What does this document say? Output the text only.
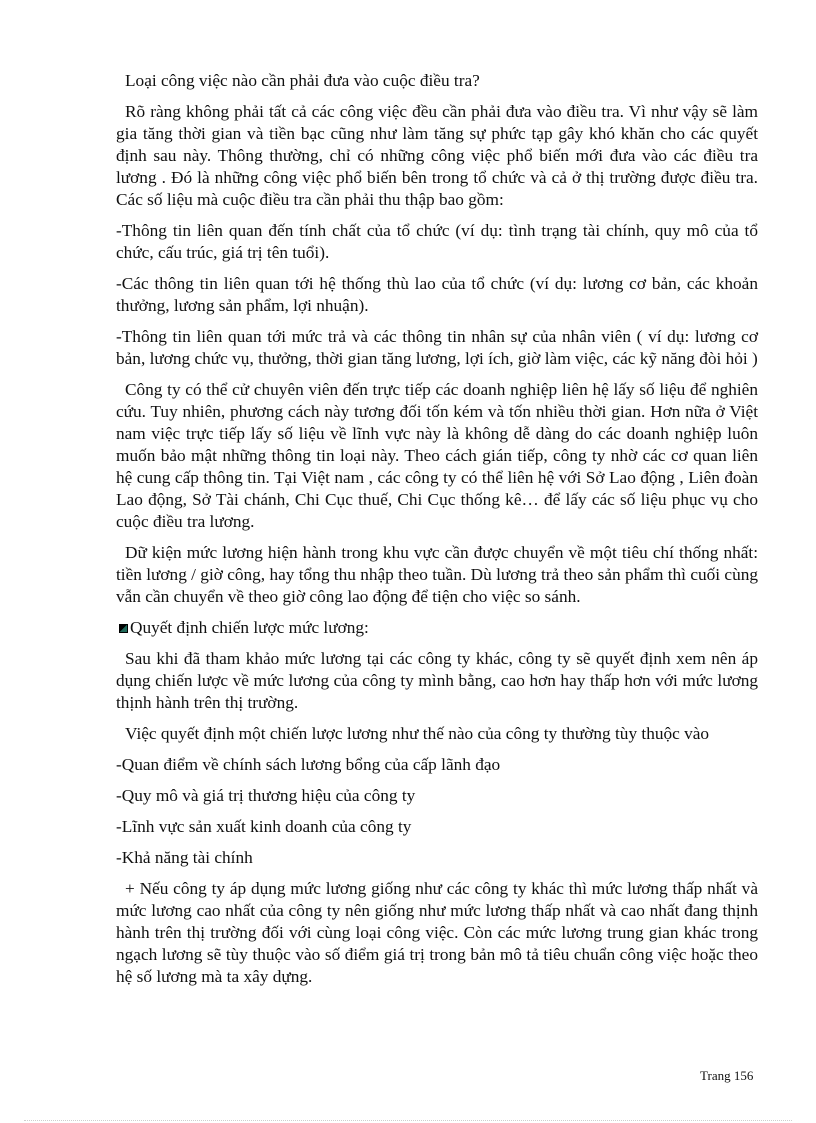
Loại công việc nào cần phải đưa vào cuộc điều tra?

Rõ ràng không phải tất cả các công việc đều cần phải đưa vào điều tra. Vì như vậy sẽ làm gia tăng thời gian và tiền bạc cũng như làm tăng sự phức tạp gây khó khăn cho các quyết định sau này. Thông thường, chỉ có những công việc phổ biến mới đưa vào các điều tra lương . Đó là những công việc phổ biến bên trong tổ chức và cả ở thị trường được điều tra. Các số liệu mà cuộc điều tra cần phải thu thập bao gồm:

-Thông tin liên quan đến tính chất của tổ chức (ví dụ: tình trạng tài chính, quy mô của tổ chức, cấu trúc, giá trị tên tuổi).

-Các thông tin liên quan tới hệ thống thù lao của tổ chức (ví dụ: lương cơ bản, các khoản thưởng, lương sản phẩm, lợi nhuận).

-Thông tin liên quan tới mức trả và các thông tin nhân sự của nhân viên ( ví dụ: lương cơ bản, lương chức vụ, thưởng, thời gian tăng lương, lợi ích, giờ làm việc, các kỹ năng đòi hỏi )

Công ty có thể cử chuyên viên đến trực tiếp các doanh nghiệp liên hệ lấy số liệu để nghiên cứu. Tuy nhiên, phương cách này tương đối tốn kém và tốn nhiều thời gian. Hơn nữa ở Việt nam việc trực tiếp lấy số liệu về lĩnh vực này là không dễ dàng do các doanh nghiệp luôn muốn bảo mật những thông tin loại này. Theo cách gián tiếp, công ty nhờ các cơ quan liên hệ cung cấp thông tin. Tại Việt nam , các công ty có thể liên hệ với Sở Lao động , Liên đoàn Lao động, Sở Tài chánh, Chi Cục thuế, Chi Cục thống kê… để lấy các số liệu phục vụ cho cuộc điều tra lương.

Dữ kiện mức lương hiện hành trong khu vực cần được chuyển về một tiêu chí thống nhất: tiền lương / giờ công, hay tổng thu nhập theo tuần. Dù lương trả theo sản phẩm thì cuối cùng vẫn cần chuyển về theo giờ công lao động để tiện cho việc so sánh.

Quyết định chiến lược mức lương:

Sau khi đã tham khảo mức lương tại các công ty khác, công ty sẽ quyết định xem nên áp dụng chiến lược về mức lương của công ty mình bằng, cao hơn hay thấp hơn với mức lương thịnh hành trên thị trường.

Việc quyết định một chiến lược lương như thế nào của công ty thường tùy thuộc vào

-Quan điểm về chính sách lương bổng của cấp lãnh đạo

-Quy mô và giá trị thương hiệu của công ty

-Lĩnh vực sản xuất kinh doanh của công ty

-Khả năng tài chính

+ Nếu công ty áp dụng mức lương giống như các công ty khác thì mức lương thấp nhất và mức lương cao nhất của công ty nên giống như mức lương thấp nhất và cao nhất đang thịnh hành trên thị trường đối với cùng loại công việc. Còn các mức lương trung gian khác trong ngạch lương sẽ tùy thuộc vào số điểm giá trị trong bản mô tả tiêu chuẩn công việc hoặc theo hệ số lương mà ta xây dựng.

Trang 156
